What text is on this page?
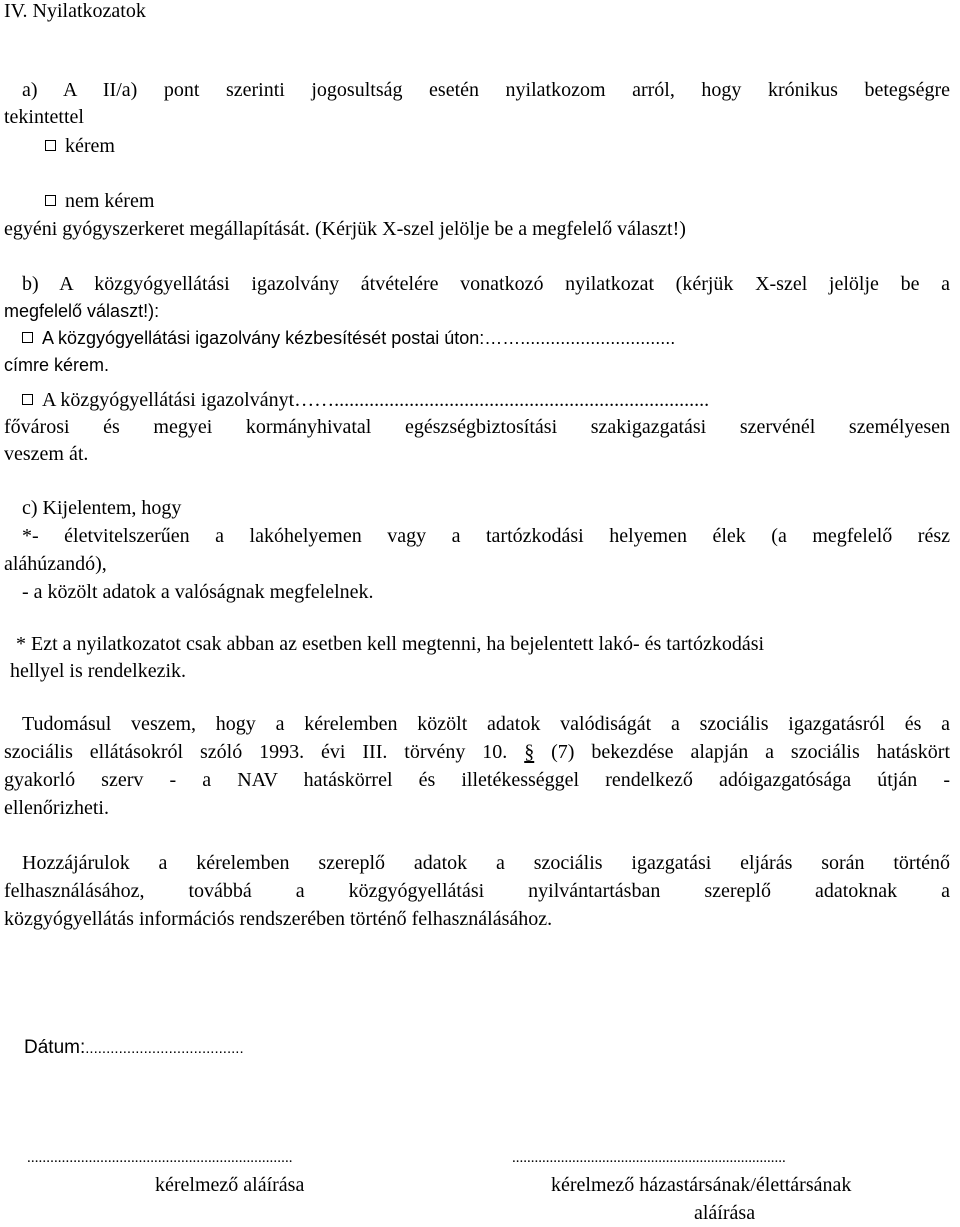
IV. Nyilatkozatok
a) A II/a) pont szerinti jogosultság esetén nyilatkozom arról, hogy krónikus betegségre
tekintettel
kérem
nem kérem
egyéni gyógyszerkeret megállapítását. (Kérjük X-szel jelölje be a megfelelő választ!)
b) A közgyógyellátási igazolvány átvételére vonatkozó nyilatkozat (kérjük X-szel jelölje be a
megfelelő választ!):
A közgyógyellátási igazolvány kézbesítését postai úton:……...............................
címre kérem.
A közgyógyellátási igazolványt……...........................................................................
fővárosi és megyei kormányhivatal egészségbiztosítási szakigazgatási szervénél személyesen
veszem át.
c) Kijelentem, hogy
*- életvitelszerűen a lakóhelyemen vagy a tartózkodási helyemen élek (a megfelelő rész
aláhúzandó),
- a közölt adatok a valóságnak megfelelnek.
* Ezt a nyilatkozatot csak abban az esetben kell megtenni, ha bejelentett lakó- és tartózkodási
hellyel is rendelkezik.
Tudomásul veszem, hogy a kérelemben közölt adatok valódiságát a szociális igazgatásról és a
szociális ellátásokról szóló 1993. évi III. törvény 10. § (7) bekezdése alapján a szociális hatáskört
gyakorló szerv - a NAV hatáskörrel és illetékességgel rendelkező adóigazgatósága útján -
ellenőrizheti.
Hozzájárulok a kérelemben szereplő adatok a szociális igazgatási eljárás során történő
felhasználásához, továbbá a közgyógyellátási nyilvántartásban szereplő adatoknak a
közgyógyellátás információs rendszerében történő felhasználásához.
Dátum:......................................
.....................................................................
kérelmező aláírása
.........................................................................
kérelmező házastársának/élettársának
aláírása
